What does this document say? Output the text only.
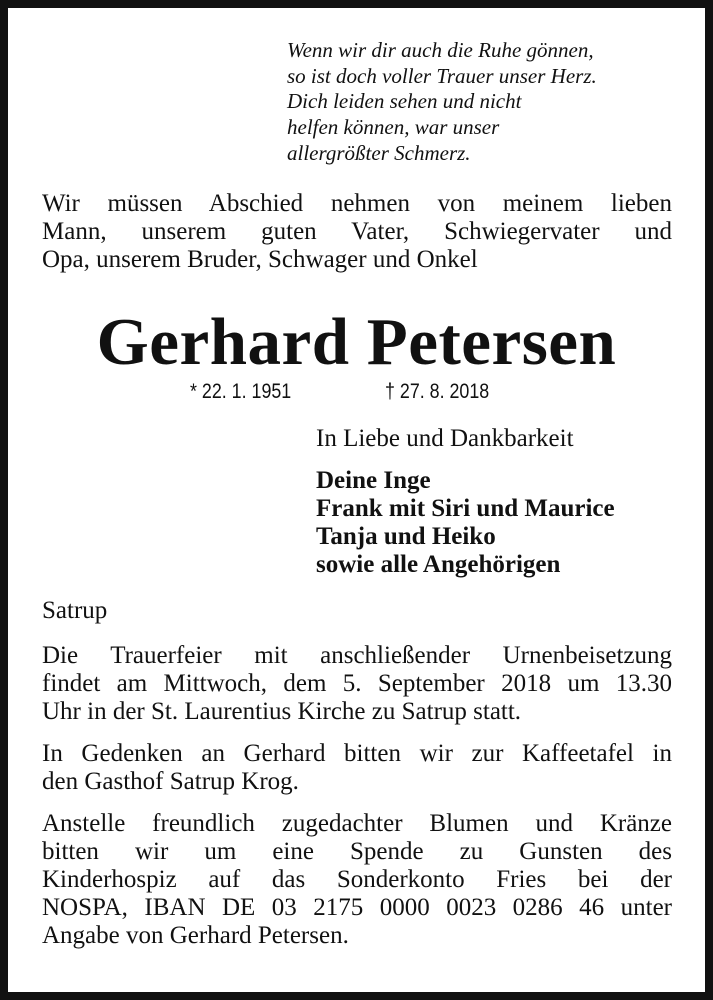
Wenn wir dir auch die Ruhe gönnen,
so ist doch voller Trauer unser Herz.
Dich leiden sehen und nicht
helfen können, war unser
allergrößter Schmerz.
Wir müssen Abschied nehmen von meinem lieben
Mann, unserem guten Vater, Schwiegervater und
Opa, unserem Bruder, Schwager und Onkel
Gerhard Petersen
* 22. 1. 1951	† 27. 8. 2018
In Liebe und Dankbarkeit
Deine Inge
Frank mit Siri und Maurice
Tanja und Heiko
sowie alle Angehörigen
Satrup
Die Trauerfeier mit anschließender Urnenbeisetzung
findet am Mittwoch, dem 5. September 2018 um 13.30
Uhr in der St. Laurentius Kirche zu Satrup statt.
In Gedenken an Gerhard bitten wir zur Kaffeetafel in
den Gasthof Satrup Krog.
Anstelle freundlich zugedachter Blumen und Kränze
bitten wir um eine Spende zu Gunsten des
Kinderhospiz auf das Sonderkonto Fries bei der
NOSPA, IBAN DE 03 2175 0000 0023 0286 46 unter
Angabe von Gerhard Petersen.
